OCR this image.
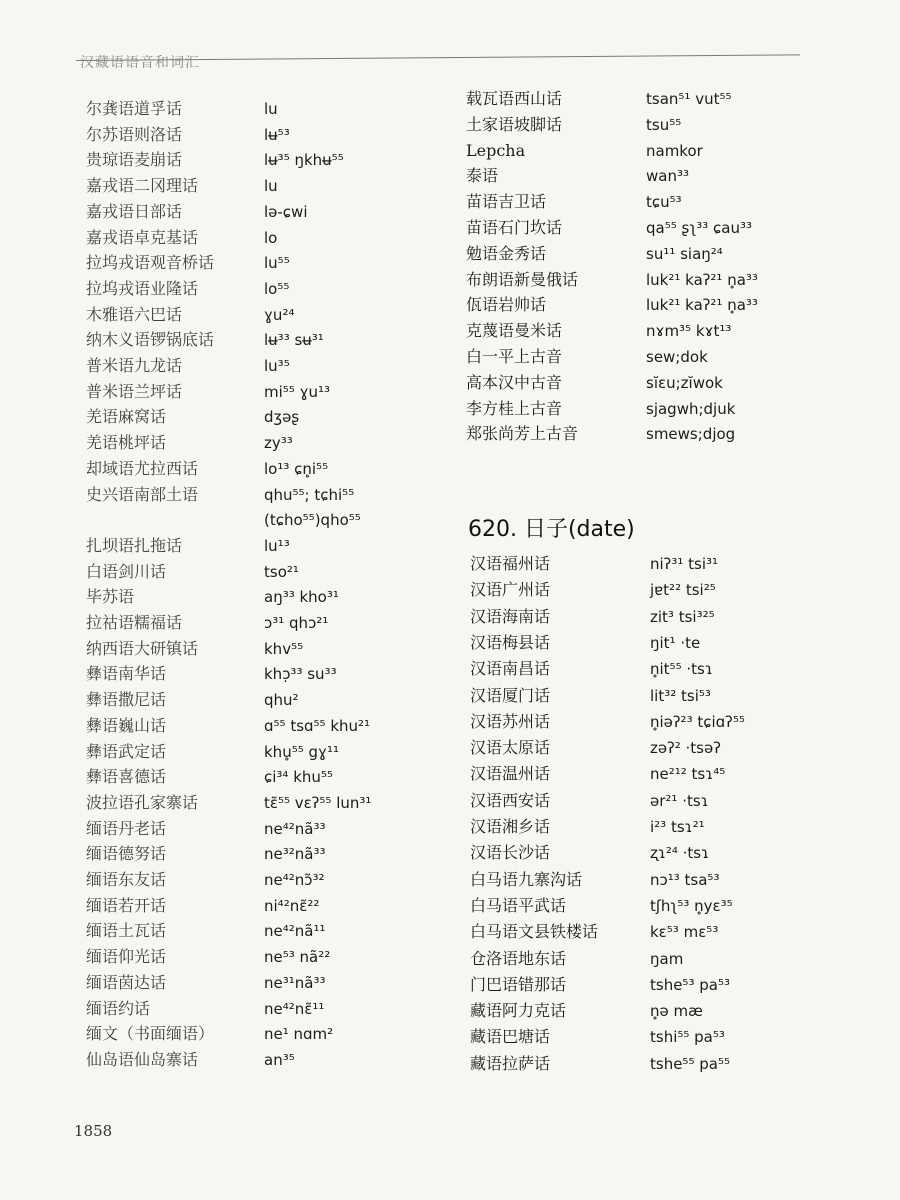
汉藏语语音和词汇
尔龚语道孚话	lu
尔苏语则洛话	lʉ⁵³
贵琼语麦崩话	lʉ³⁵ ŋkhʉ⁵⁵
嘉戎语二冈理话	lu
嘉戎语日部话	lə-ɕwi
嘉戎语卓克基话	lo
拉坞戎语观音桥话	lu⁵⁵
拉坞戎语业隆话	lo⁵⁵
木雅语六巴话	ɣu²⁴
纳木义语锣锅底话	lʉ³³ sʉ³¹
普米语九龙话	lu³⁵
普米语兰坪话	mi⁵⁵ ɣu¹³
羌语麻窝话	dʒəʂ
羌语桃坪话	zy³³
却域语尤拉西话	lo¹³ ɕn̥i⁵⁵
史兴语南部土语	qhu⁵⁵; tɕhi⁵⁵
(tɕho⁵⁵)qho⁵⁵
扎坝语扎拖话	lu¹³
白语剑川话	tso²¹
毕苏语	aŋ³³ kho³¹
拉祜语糯福话	ɔ³¹ qhɔ²¹
纳西语大研镇话	khv⁵⁵
彝语南华话	khɔ̣³³ su³³
彝语撒尼话	qhu²
彝语巍山话	ɑ⁵⁵ tsɑ⁵⁵ khu²¹
彝语武定话	khu̥⁵⁵ gɣ¹¹
彝语喜德话	ɕi³⁴ khu⁵⁵
波拉语孔家寨话	tɛ̃⁵⁵ vɛʔ⁵⁵ lun³¹
缅语丹老话	ne⁴²nã³³
缅语德努话	ne³²nã³³
缅语东友话	ne⁴²nɔ̃³²
缅语若开话	ni⁴²nɛ̃²²
缅语土瓦话	ne⁴²nã¹¹
缅语仰光话	ne⁵³ nã²²
缅语茵达话	ne³¹nã³³
缅语约话	ne⁴²nɛ̃¹¹
缅文（书面缅语）	ne¹ nɑm²
仙岛语仙岛寨话	an³⁵
载瓦语西山话	tsan⁵¹ vut⁵⁵
土家语坡脚话	tsu⁵⁵
Lepcha	namkor
泰语	wan³³
苗语吉卫话	tɕu⁵³
苗语石门坎话	qa⁵⁵ ʂʅ³³ ɕau³³
勉语金秀话	su¹¹ siaŋ²⁴
布朗语新曼俄话	luk²¹ kaʔ²¹ n̥a³³
佤语岩帅话	luk²¹ kaʔ²¹ n̥a³³
克蔑语曼米话	nɤm³⁵ kɤt¹³
白一平上古音	sew;dok
高本汉中古音	sĭɛu;zĭwok
李方桂上古音	sjagwh;djuk
郑张尚芳上古音	smews;djog
620. 日子(date)
汉语福州话	niʔ³¹ tsi³¹
汉语广州话	jɐt²² tsi²⁵
汉语海南话	zit³ tsi³²⁵
汉语梅县话	ŋit¹ ·te
汉语南昌话	n̥it⁵⁵ ·tsɿ
汉语厦门话	lit³² tsi⁵³
汉语苏州话	n̥iəʔ²³ tɕiɑʔ⁵⁵
汉语太原话	zəʔ² ·tsəʔ
汉语温州话	ne²¹² tsɿ⁴⁵
汉语西安话	ər²¹ ·tsɿ
汉语湘乡话	i²³ tsɿ²¹
汉语长沙话	ʐɿ²⁴ ·tsɿ
白马语九寨沟话	nɔ¹³ tsa⁵³
白马语平武话	tʃhʅ⁵³ n̥yɛ³⁵
白马语文县铁楼话	kɛ⁵³ mɛ⁵³
仓洛语地东话	ŋam
门巴语错那话	tshe⁵³ pa⁵³
藏语阿力克话	n̥ə mæ
藏语巴塘话	tshi⁵⁵ pa⁵³
藏语拉萨话	tshe⁵⁵ pa⁵⁵
1858
